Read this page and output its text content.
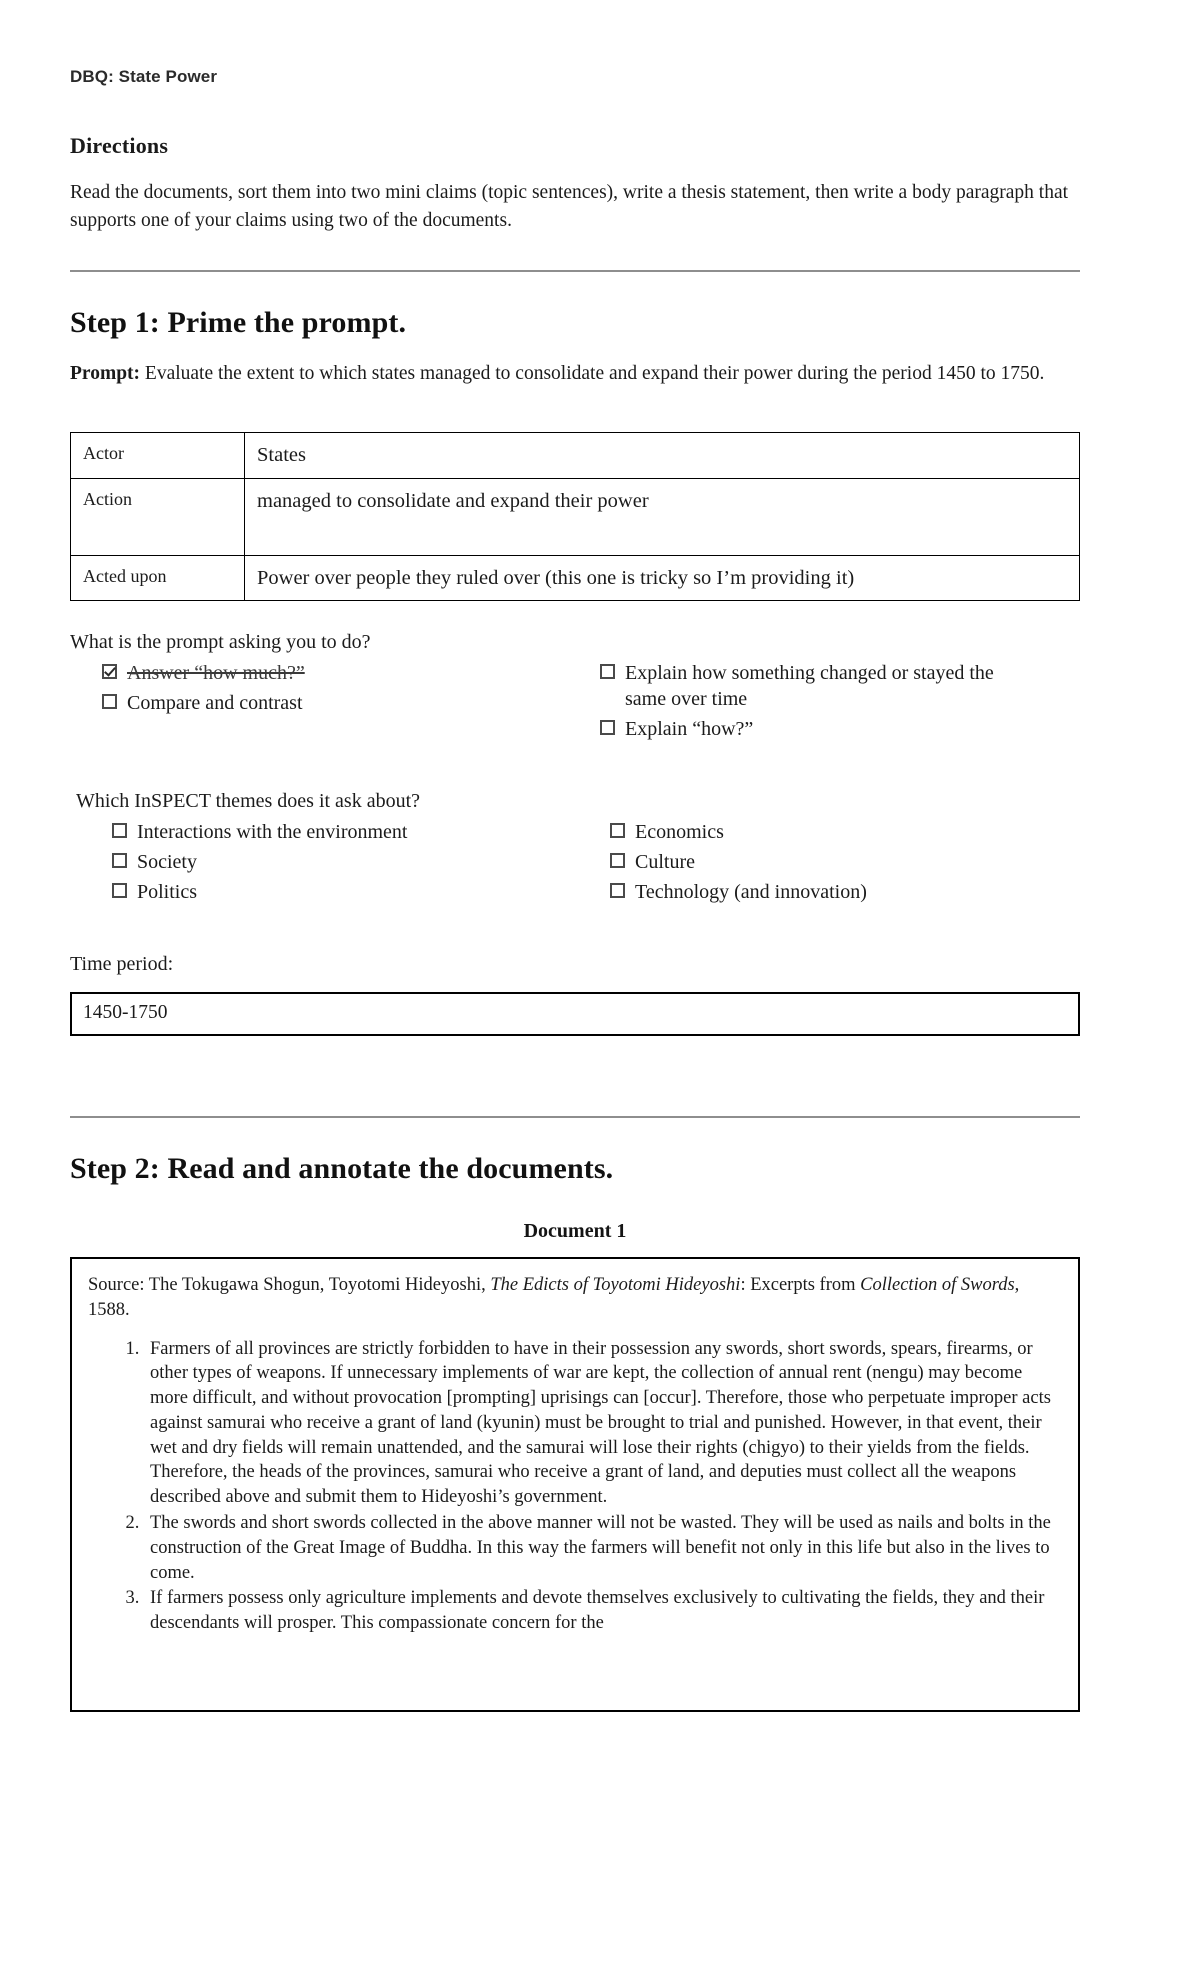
DBQ: State Power
Directions

Read the documents, sort them into two mini claims (topic sentences), write a thesis statement, then write a body paragraph that supports one of your claims using two of the documents.

Step 1: Prime the prompt.

Prompt: Evaluate the extent to which states managed to consolidate and expand their power during the period 1450 to 1750.

Actor	States
Action	managed to consolidate and expand their power
Acted upon	Power over people they ruled over (this one is tricky so I’m providing it)
What is the prompt asking you to do?
Answer “how much?”
Compare and contrast
Explain how something changed or stayed the same over time
Explain “how?”
Which InSPECT themes does it ask about?
Interactions with the environment
Society
Politics
Economics
Culture
Technology (and innovation)
Time period:
1450-1750
Step 2: Read and annotate the documents.
Document 1
Source: The Tokugawa Shogun, Toyotomi Hideyoshi, The Edicts of Toyotomi Hideyoshi: Excerpts from Collection of Swords, 1588.
1. Farmers of all provinces are strictly forbidden to have in their possession any swords, short swords, spears, firearms, or other types of weapons. If unnecessary implements of war are kept, the collection of annual rent (nengu) may become more difficult, and without provocation [prompting] uprisings can [occur]. Therefore, those who perpetuate improper acts against samurai who receive a grant of land (kyunin) must be brought to trial and punished. However, in that event, their wet and dry fields will remain unattended, and the samurai will lose their rights (chigyo) to their yields from the fields. Therefore, the heads of the provinces, samurai who receive a grant of land, and deputies must collect all the weapons described above and submit them to Hideyoshi’s government.
2. The swords and short swords collected in the above manner will not be wasted. They will be used as nails and bolts in the construction of the Great Image of Buddha. In this way the farmers will benefit not only in this life but also in the lives to come.
3. If farmers possess only agriculture implements and devote themselves exclusively to cultivating the fields, they and their descendants will prosper. This compassionate concern for the
